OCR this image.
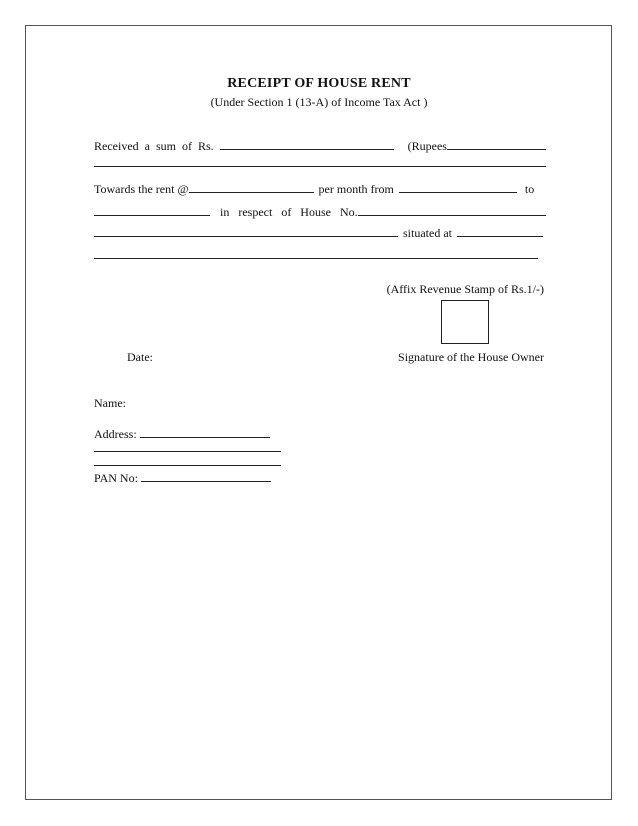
RECEIPT OF HOUSE RENT
(Under Section 1 (13-A) of Income Tax Act )
Received  a  sum  of  Rs.	(Rupees
Towards the rent @	per month from	to
in   respect   of   House   No.
situated at
(Affix Revenue Stamp of Rs.1/-)
Date:	Signature of the House Owner
Name:
Address:
PAN No:
